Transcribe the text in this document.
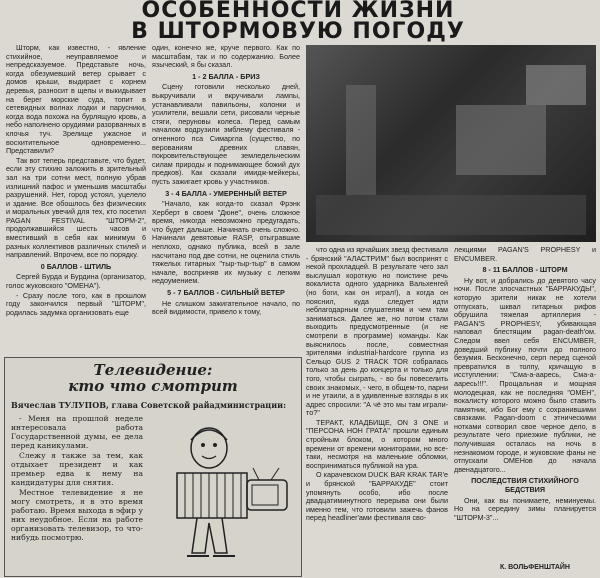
ОСОБЕННОСТИ ЖИЗНИ
В ШТОРМОВУЮ ПОГОДУ

Шторм, как известно, - явление стихийное, неуправляемое и непредсказуемое. Представьте ночь, когда обезумевший ветер срывает с домов крыши, выдирает с корнем деревья, разносит в щепы и выкидывает на берег морские суда, топит в сетевидных волнах лодки и парусники, когда вода похожа на бурлящую кровь, а небо наполнено орудиями разорванных в клочья туч. Зрелище ужасное и восхитительное одновременно... Представили?

Так вот теперь представьте, что будет, если эту стихию заложить в зрительный зал на три сотни мест, полную убрав излишний пафос и уменьшив масштабы разрушений. Нет, город устоял, уцелело и здание. Все обошлось без физических и моральных увечий для тех, кто посетил PAGAN FESTIVAL "ШТОРМ-2", продолжавшийся шесть часов и вместивший в себя как минимум 6 разных коллективов различных стилей и направлений. Впрочем, все по порядку.

0 БАЛЛОВ - ШТИЛЬ

Сергей Бурда и Бурдина (организатор, голос жуковского "ОМЕНА").

- Сразу после того, как в прошлом году закончился первый "ШТОРМ", родилась задумка организовать еще

один, конечно же, круче первого. Как по масштабам, так и по содержанию. Более языческий, я бы сказал.

1 - 2 БАЛЛА - БРИЗ

Сцену готовили несколько дней, выкручивали и вкручивали лампы, устанавливали павильоны, колонки и усилители, вешали сети, рисовали черные стяги, перуновы колеса. Перед самым началом водрузили эмблему фестиваля - огненного пса Симаргла (существо, по верованиям древних славян, покровительствующее земледельческим силам природы и поднимающее божий дух предков). Как сказали имидж-мейкеры, пусть зажигает кровь у участников.

3 - 4 БАЛЛА - УМЕРЕННЫЙ ВЕТЕР

"Начало, как когда-то сказал Фрэнк Херберт в своем "Дюне", очень сложное время, никогда невозможно предугадать, что будет дальше. Начинать очень сложно. Начинали девятовые RASP, отыгравшие неплохо, однако публика, всей в зале насчитано под две сотни, не оценила стиль тяжелых гитарных "тыр-тыр-тыр" в самом начале, восприняв их музыку с легким недоумением.

5 - 7 БАЛЛОВ - СИЛЬНЫЙ ВЕТЕР

Не слишком зажигательное начало, по всей видимости, привело к тому,

что одна из ярчайших звезд фестиваля - брянский "АЛАСТРИМ" был воспринят с некой прохладцей. В результате чего зал выслушал короткую но поистине речь вокалиста одного ударника Вальхенгей (но боги, как он играл!), а когда он пояснил, куда следует идти неблагодарным слушателям и чем там заниматься. Далее же, но потом стали выходить предусмотренные (и не смотрели в программе) команды. Как выяснилось после, совместная зрителями industrial-hardcore группа из Сельцо GUS 2 TRACK TOR собралась только за день до концерта и только для того, чтобы сыграть, - во бы повеселить своих знакомых, - чего, в общем-то, парни и не утаили, а в удивленные взгляды в их адрес спросили: "А чё это мы там играли-то?"

ТЕРАКТ, КЛАДБИЩЕ, ON 3 ONE и "ПЕРСОНА НОН ГРАТА" прошли единым стройным блоком, о котором много времени от времени мониторами, но все-таки, несмотря на маленькие обломки, восприниматься публикой на ура.

О карачевском DUCK BAR KRAK TAR'е и брянской "БАРРАКУДЕ" стоит упомянуть особо, ибо после двадцатиминутного перерыва они были именно тем, что готовили зажечь фанов перед headliner'ами фестиваля сво-

лекциями PAGAN'S PROPHESY и ENCUMBER.

8 - 11 БАЛЛОВ - ШТОРМ

Ну вот, и добрались до девятого часу ночи. После злосчастных "БАРРАКУДЫ", которую зрители никак не хотели отпускать, шквал гитарных рифов обрушила тяжелая артиллерия - PAGAN'S PROPHESY, убивающая наповал блестящим pagan-death'ом. Следом ввел себя ENCUMBER, доведший публику почти до полного безумия. Бесконечно, серп перед сценой превратился в толпу, кричащую в исступлении: "Сма-а-ааресь, Сма-а-ааресь!!!". Прощальная и мощная молодецкая, как не последняя "ОМЕН", вокалисту которого можно было ставить памятник, ибо Бог ему с сохранившими связками. Pagan-doom с этническими нотками сотворил свое черное дело, в результате чего приезжие публики, не получившая осталась на ночь в незнакомом городе, и жуковские фаны не отпускали ОМЕНов до начала двенадцатого...

ПОСЛЕДСТВИЯ СТИХИЙНОГО БЕДСТВИЯ

Они, как вы понимаете, неминуемы. Но на середину зимы планируется "ШТОРМ-3"...

К. ВОЛЬФЕНШТАЙН
Телевидение:
кто что смотрит
Вячеслав ТУЛУПОВ, глава Советской райадминистрации:

- Меня на прошлой неделе интересовала работа Государственной думы, ее дела перед каникулами.

Слежу я также за тем, как отдыхает президент и как премьер едва к нему на кандидатуры для снятия.

Местное телевидение я не могу смотреть, я в это время работаю. Время выхода в эфир у них неудобное. Если на работе организовать телевизор, то что-нибудь посмотрю.
